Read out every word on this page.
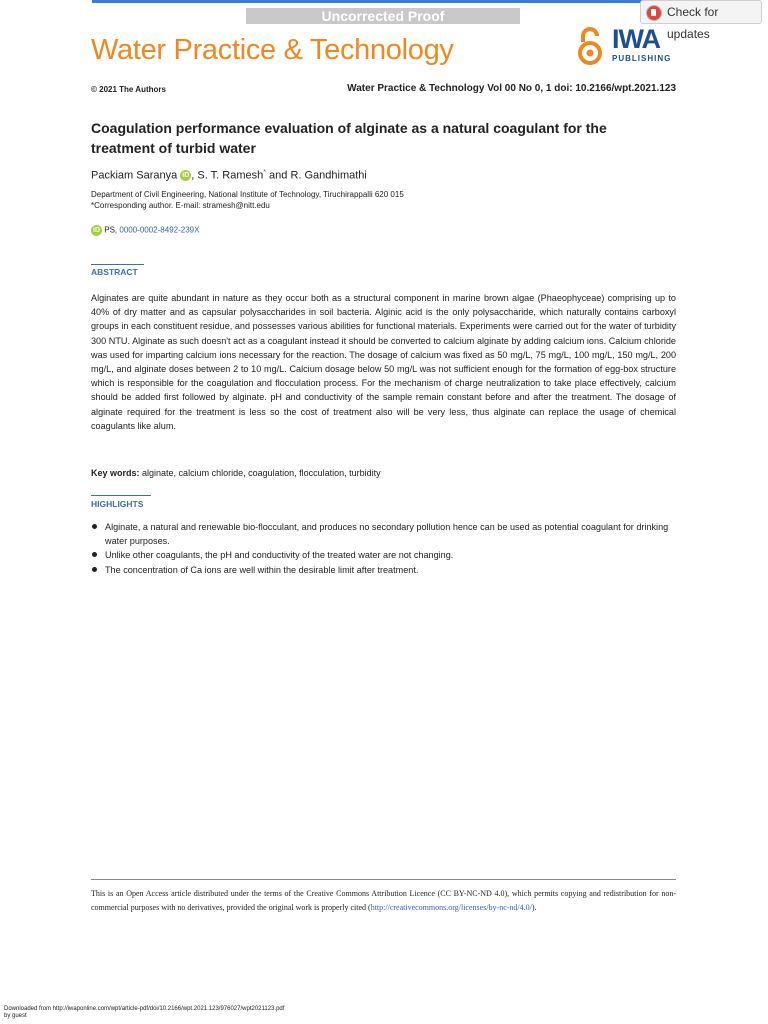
Uncorrected Proof	Check for updates
Water Practice & Technology	IWA
PUBLISHING
© 2021 The Authors	Water Practice & Technology Vol 00 No 0, 1 doi: 10.2166/wpt.2021.123
Coagulation performance evaluation of alginate as a natural coagulant for the treatment of turbid water
Packiam Saranya iD , S. T. Ramesh* and R. Gandhimathi
Department of Civil Engineering, National Institute of Technology, Tiruchirappalli 620 015
*Corresponding author. E-mail: stramesh@nitt.edu
iD PS, 0000-0002-8492-239X
ABSTRACT
Alginates are quite abundant in nature as they occur both as a structural component in marine brown algae (Phaeophyceae) comprising up to 40% of dry matter and as capsular polysaccharides in soil bacteria. Alginic acid is the only polysaccharide, which naturally contains carboxyl groups in each constituent residue, and possesses various abilities for functional materials. Experiments were carried out for the water of turbidity 300 NTU. Alginate as such doesn't act as a coagulant instead it should be converted to calcium alginate by adding calcium ions. Calcium chloride was used for imparting calcium ions necessary for the reaction. The dosage of calcium was fixed as 50 mg/L, 75 mg/L, 100 mg/L, 150 mg/L, 200 mg/L, and alginate doses between 2 to 10 mg/L. Calcium dosage below 50 mg/L was not sufficient enough for the formation of egg-box structure which is responsible for the coagulation and flocculation process. For the mechanism of charge neutralization to take place effectively, calcium should be added first followed by alginate. pH and conductivity of the sample remain constant before and after the treatment. The dosage of alginate required for the treatment is less so the cost of treatment also will be very less, thus alginate can replace the usage of chemical coagulants like alum.
Key words: alginate, calcium chloride, coagulation, flocculation, turbidity
HIGHLIGHTS
Alginate, a natural and renewable bio-flocculant, and produces no secondary pollution hence can be used as potential coagulant for drinking water purposes.
Unlike other coagulants, the pH and conductivity of the treated water are not changing.
The concentration of Ca ions are well within the desirable limit after treatment.
This is an Open Access article distributed under the terms of the Creative Commons Attribution Licence (CC BY-NC-ND 4.0), which permits copying and redistribution for non-commercial purposes with no derivatives, provided the original work is properly cited (http://creativecommons.org/licenses/by-nc-nd/4.0/).
Downloaded from http://iwaponline.com/wpt/article-pdf/doi/10.2166/wpt.2021.123/976027/wpt2021123.pdf
by guest
